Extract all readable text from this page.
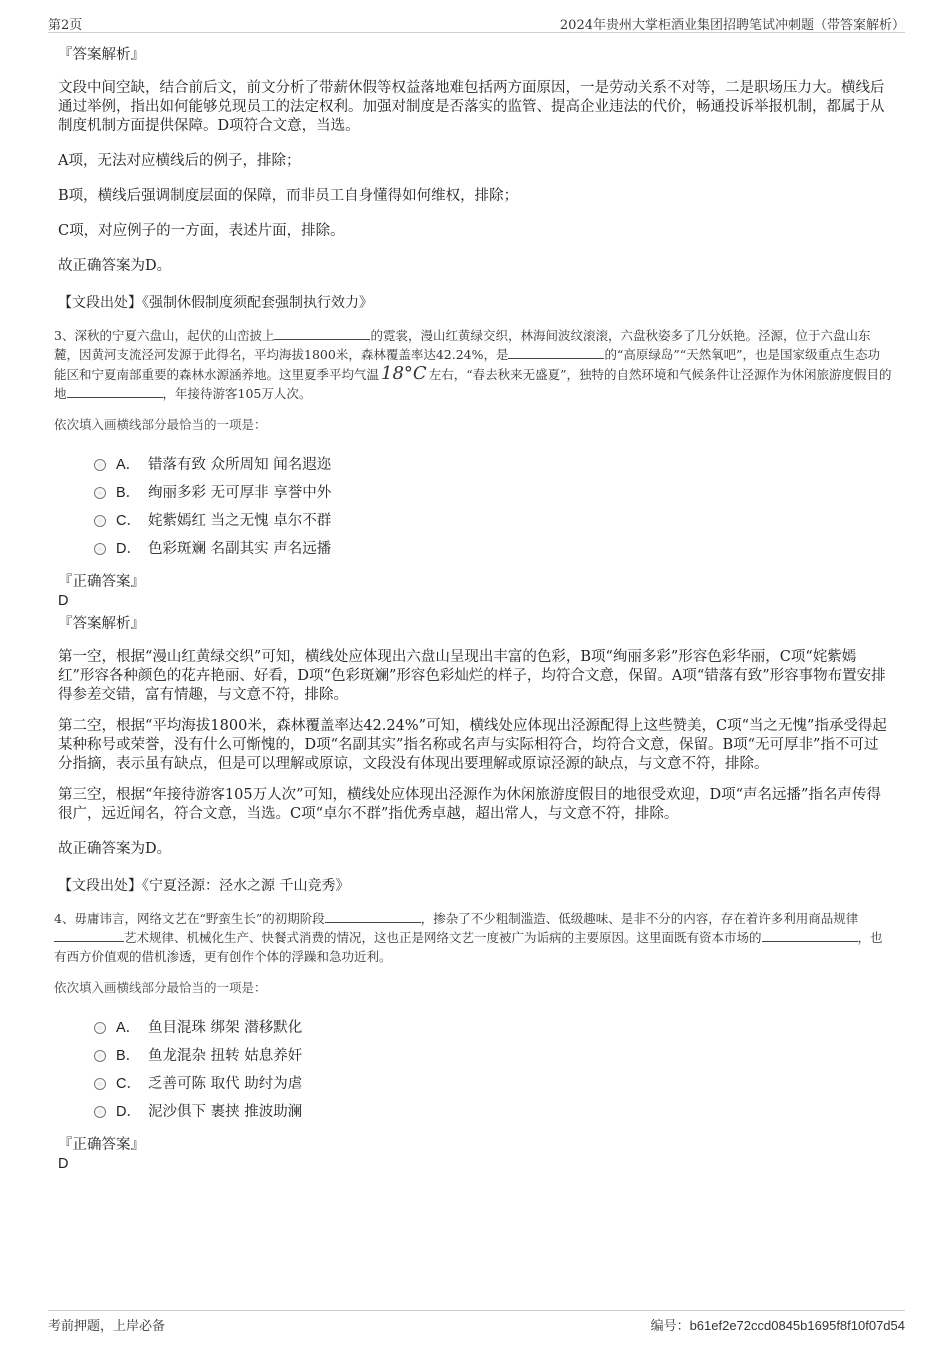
第2页	2024年贵州大掌柜酒业集团招聘笔试冲刺题（带答案解析）
『答案解析』

文段中间空缺，结合前后文，前文分析了带薪休假等权益落地难包括两方面原因，一是劳动关系不对等，二是职场压力大。横线后通过举例，指出如何能够兑现员工的法定权利。加强对制度是否落实的监管、提高企业违法的代价，畅通投诉举报机制，都属于从制度机制方面提供保障。D项符合文意，当选。

A项，无法对应横线后的例子，排除；

B项，横线后强调制度层面的保障，而非员工自身懂得如何维权，排除；

C项，对应例子的一方面，表述片面，排除。

故正确答案为D。

【文段出处】《强制休假制度须配套强制执行效力》

3、深秋的宁夏六盘山，起伏的山峦披上	的霓裳，漫山红黄绿交织，林海间波纹滚滚，六盘秋姿多了几分妖艳。泾源，位于六盘山东麓，因黄河支流泾河发源于此得名，平均海拔1800米，森林覆盖率达42.24%，是	的“高原绿岛”“天然氧吧”，也是国家级重点生态功能区和宁夏南部重要的森林水源涵养地。这里夏季平均气温 18°C 左右，“春去秋来无盛夏”，独特的自然环境和气候条件让泾源作为休闲旅游度假目的地	，年接待游客105万人次。

依次填入画横线部分最恰当的一项是：

A． 错落有致 众所周知 闻名遐迩
B． 绚丽多彩 无可厚非 享誉中外
C． 姹紫嫣红 当之无愧 卓尔不群
D． 色彩斑斓 名副其实 声名远播
『正确答案』
D
『答案解析』

第一空，根据“漫山红黄绿交织”可知，横线处应体现出六盘山呈现出丰富的色彩，B项“绚丽多彩”形容色彩华丽，C项“姹紫嫣红”形容各种颜色的花卉艳丽、好看，D项“色彩斑斓”形容色彩灿烂的样子，均符合文意，保留。A项“错落有致”形容事物布置安排得参差交错，富有情趣，与文意不符，排除。

第二空，根据“平均海拔1800米，森林覆盖率达42.24%”可知，横线处应体现出泾源配得上这些赞美，C项“当之无愧”指承受得起某种称号或荣誉，没有什么可惭愧的，D项“名副其实”指名称或名声与实际相符合，均符合文意，保留。B项“无可厚非”指不可过分指摘，表示虽有缺点，但是可以理解或原谅，文段没有体现出要理解或原谅泾源的缺点，与文意不符，排除。

第三空，根据“年接待游客105万人次”可知，横线处应体现出泾源作为休闲旅游度假目的地很受欢迎，D项“声名远播”指名声传得很广，远近闻名，符合文意，当选。C项“卓尔不群”指优秀卓越，超出常人，与文意不符，排除。

故正确答案为D。

【文段出处】《宁夏泾源：泾水之源 千山竞秀》

4、毋庸讳言，网络文艺在“野蛮生长”的初期阶段	，掺杂了不少粗制滥造、低级趣味、是非不分的内容，存在着许多利用商品规律艺术规律、机械化生产、快餐式消费的情况，这也正是网络文艺一度被广为诟病的主要原因。这里面既有资本市场的	，也有西方价值观的借机渗透，更有创作个体的浮躁和急功近利。

依次填入画横线部分最恰当的一项是：

A． 鱼目混珠 绑架 潜移默化
B． 鱼龙混杂 扭转 姑息养奸
C． 乏善可陈 取代 助纣为虐
D． 泥沙俱下 裹挟 推波助澜
『正确答案』
D
考前押题，上岸必备	编号：b61ef2e72ccd0845b1695f8f10f07d54
